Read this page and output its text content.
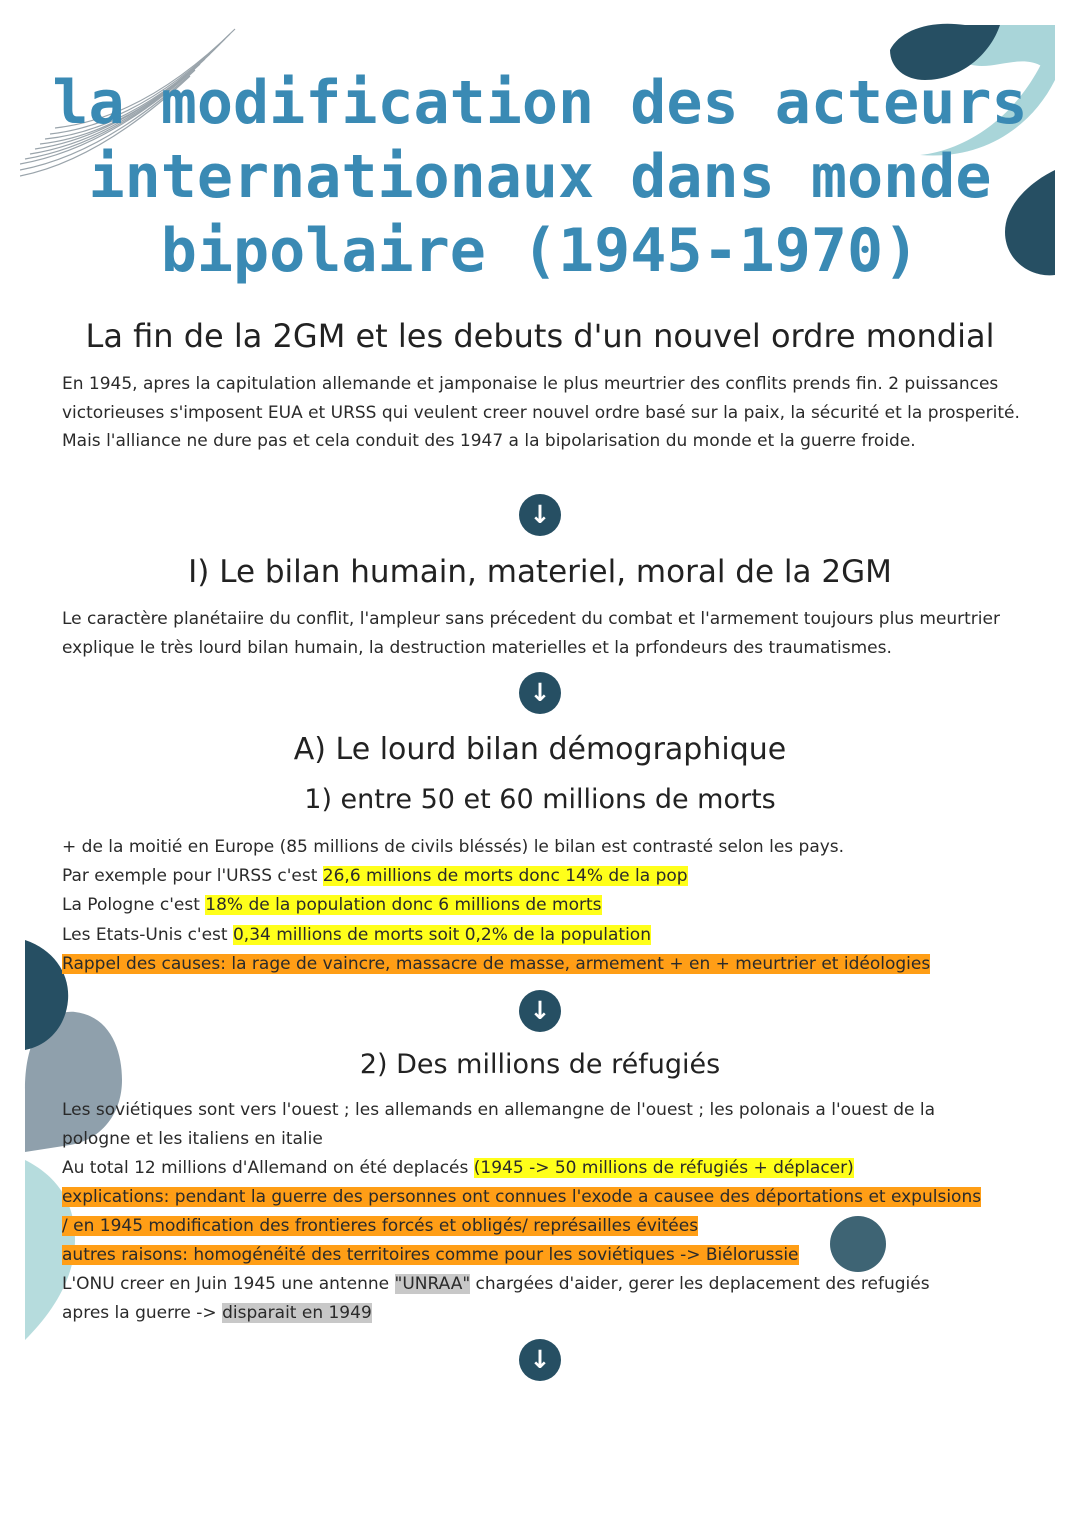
la modification des acteurs
internationaux dans monde
bipolaire (1945-1970)
La fin de la 2GM et les debuts d'un nouvel ordre mondial

En 1945, apres la capitulation allemande et jamponaise le plus meurtrier des conflits prends fin. 2 puissances victorieuses s'imposent EUA et URSS qui veulent creer nouvel ordre basé sur la paix, la sécurité et la prosperité. Mais l'alliance ne dure pas et cela conduit des 1947 a la bipolarisation du monde et la guerre froide.

↓
I) Le bilan humain, materiel, moral de la 2GM

Le caractère planétaiire du conflit, l'ampleur sans précedent du combat et l'armement toujours plus meurtrier explique le très lourd bilan humain, la destruction materielles et la prfondeurs des traumatismes.

↓
A) Le lourd bilan démographique
1) entre 50 et 60 millions de morts

+ de la moitié en Europe (85 millions de civils bléssés) le bilan est contrasté selon les pays.

Par exemple pour l'URSS c'est 26,6 millions de morts donc 14% de la pop

La Pologne c'est 18% de la population donc 6 millions de morts

Les Etats-Unis c'est 0,34 millions de morts soit 0,2% de la population

Rappel des causes: la rage de vaincre, massacre de masse, armement + en + meurtrier et idéologies

↓
2) Des millions de réfugiés

Les soviétiques sont vers l'ouest ; les allemands en allemangne de l'ouest ; les polonais a l'ouest de la

pologne et les italiens en italie

Au total 12 millions d'Allemand on été deplacés (1945 -> 50 millions de réfugiés + déplacer)

explications: pendant la guerre des personnes ont connues l'exode a causee des déportations et expulsions

/ en 1945 modification des frontieres forcés et obligés/ représailles évitées

autres raisons: homogénéité des territoires comme pour les soviétiques -> Biélorussie

L'ONU creer en Juin 1945 une antenne "UNRAA" chargées d'aider, gerer les deplacement des refugiés

apres la guerre -> disparait en 1949

↓
